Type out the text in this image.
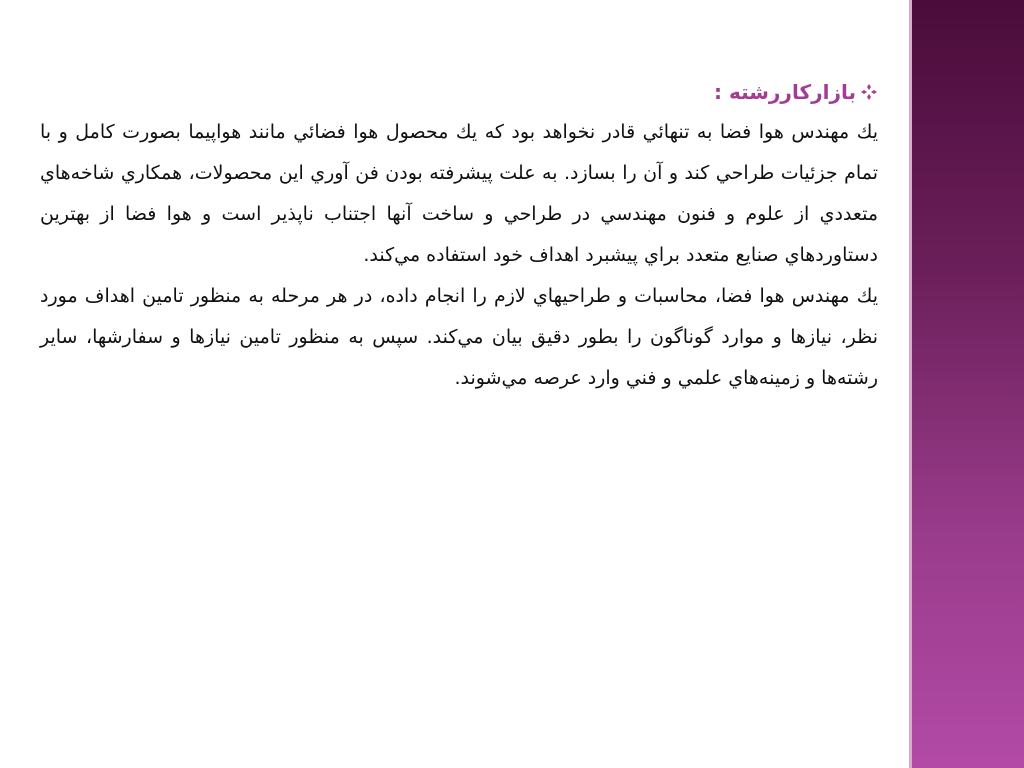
بازاركاررشته :

يك مهندس هوا فضا به تنهائي قادر نخواهد بود كه يك محصول هوا فضائي مانند هواپيما بصورت كامل و با تمام جزئيات طراحي كند و آن را بسازد. به علت پيشرفته بودن فن آوري اين محصولات، همكاري شاخه‌هاي متعددي از علوم و فنون مهندسي در طراحي و ساخت آنها اجتناب ناپذير است و هوا فضا از بهترين دستاوردهاي صنايع متعدد براي پيشبرد اهداف خود استفاده مي‌كند.

يك مهندس هوا فضا، محاسبات و طراحيهاي لازم را انجام داده، در هر مرحله به منظور تامين اهداف مورد نظر، نيازها و موارد گوناگون را بطور دقيق بيان مي‌كند. سپس به منظور تامين نيازها و سفارشها، ساير رشته‌ها و زمينه‌هاي علمي و فني وارد عرصه مي‌شوند.
